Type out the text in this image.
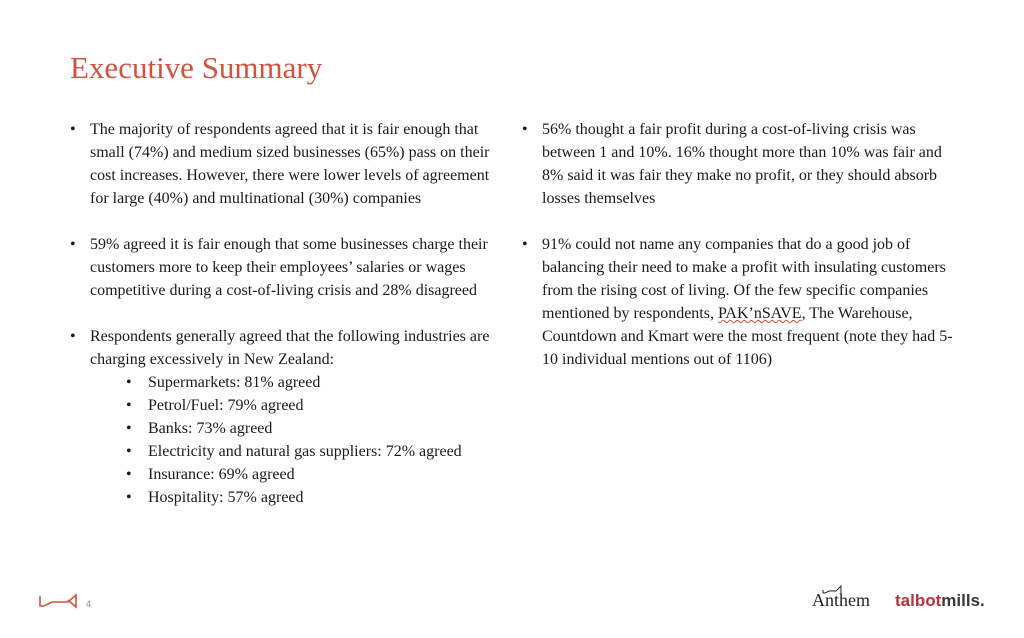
Executive Summary
• The majority of respondents agreed that it is fair enough that small (74%) and medium sized businesses (65%) pass on their cost increases. However, there were lower levels of agreement for large (40%) and multinational (30%) companies
• 59% agreed it is fair enough that some businesses charge their customers more to keep their employees’ salaries or wages competitive during a cost-of-living crisis and 28% disagreed
• Respondents generally agreed that the following industries are charging excessively in New Zealand:
• Supermarkets: 81% agreed
• Petrol/Fuel: 79% agreed
• Banks: 73% agreed
• Electricity and natural gas suppliers: 72% agreed
• Insurance: 69% agreed
• Hospitality: 57% agreed
• 56% thought a fair profit during a cost-of-living crisis was between 1 and 10%. 16% thought more than 10% was fair and 8% said it was fair they make no profit, or they should absorb losses themselves
• 91% could not name any companies that do a good job of balancing their need to make a profit with insulating customers from the rising cost of living. Of the few specific companies mentioned by respondents, PAK’nSAVE, The Warehouse, Countdown and Kmart were the most frequent (note they had 5-10 individual mentions out of 1106)
4	Anthem talbotmills.
